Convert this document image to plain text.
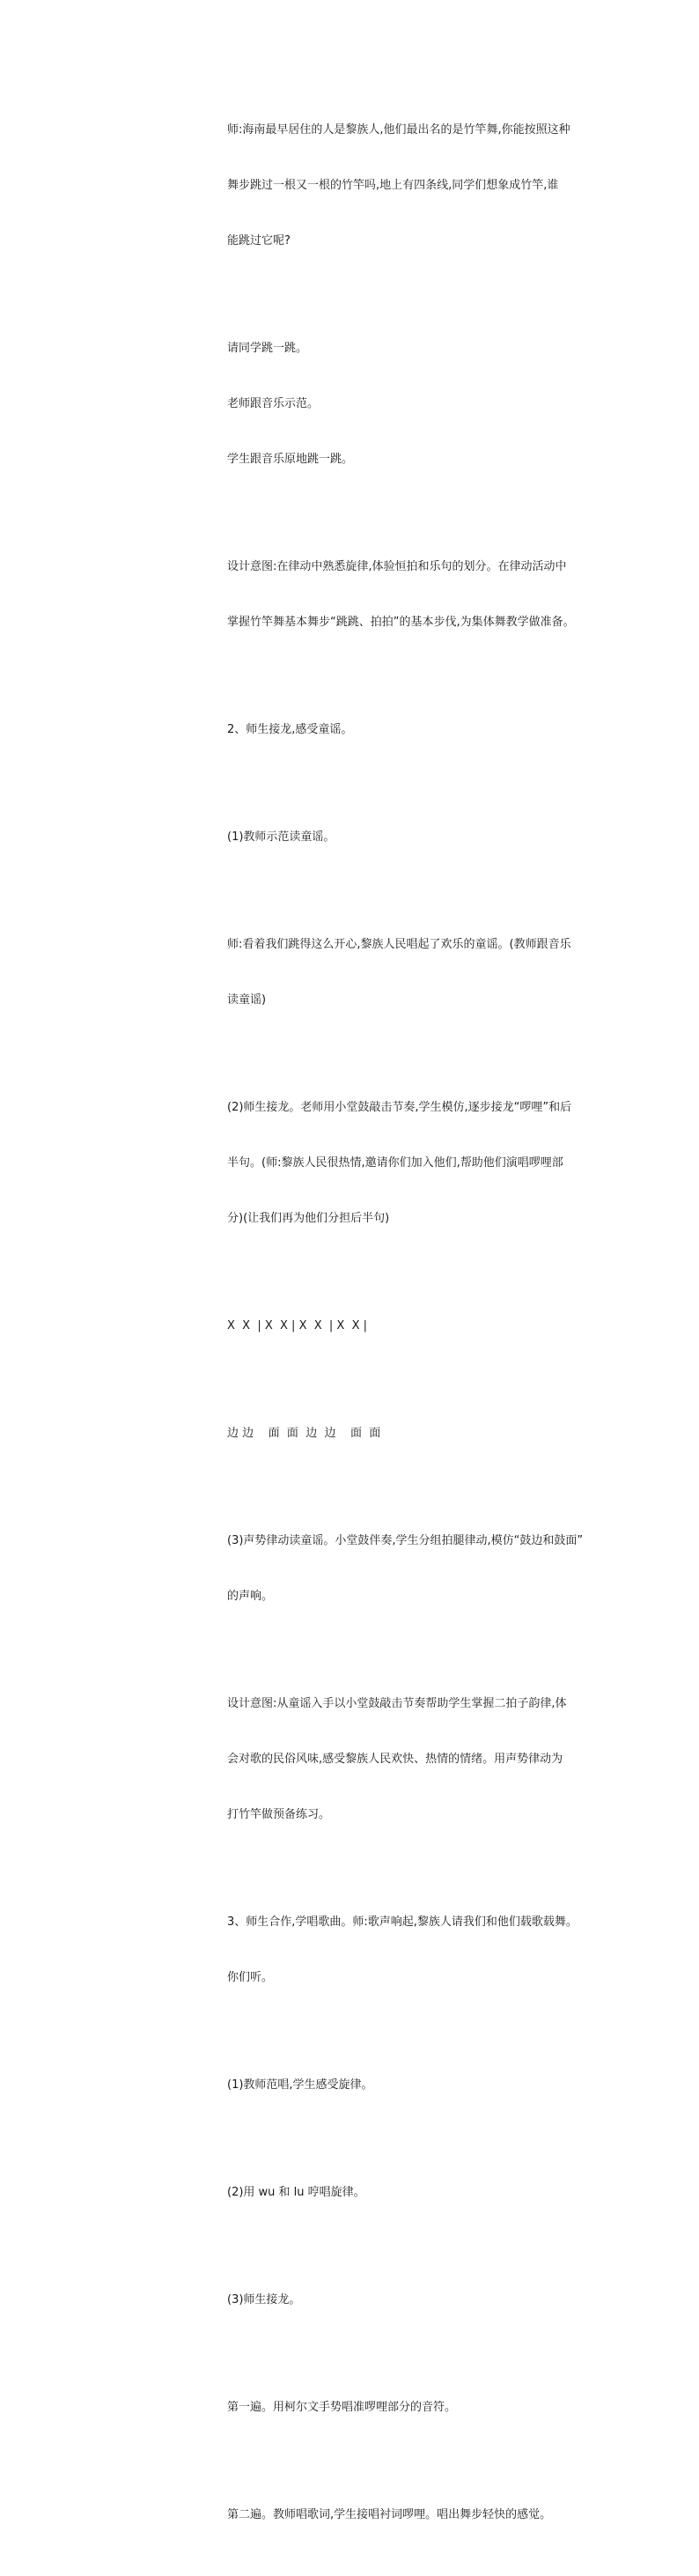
师:海南最早居住的人是黎族人,他们最出名的是竹竿舞,你能按照这种

舞步跳过一根又一根的竹竿吗,地上有四条线,同学们想象成竹竿,谁

能跳过它呢?

请同学跳一跳。

老师跟音乐示范。

学生跟音乐原地跳一跳。

设计意图:在律动中熟悉旋律,体验恒拍和乐句的划分。在律动活动中

掌握竹竿舞基本舞步“跳跳、拍拍”的基本步伐,为集体舞教学做准备。

2、师生接龙,感受童谣。

(1)教师示范读童谣。

师:看着我们跳得这么开心,黎族人民唱起了欢乐的童谣。(教师跟音乐

读童谣)

(2)师生接龙。老师用小堂鼓敲击节奏,学生模仿,逐步接龙“啰哩”和后

半句。(师:黎族人民很热情,邀请你们加入他们,帮助他们演唱啰哩部

分)(让我们再为他们分担后半句)

X  X  | X  X | X  X  | X  X |

边 边    面  面  边  边    面  面

(3)声势律动读童谣。小堂鼓伴奏,学生分组拍腿律动,模仿“鼓边和鼓面”

的声响。

设计意图:从童谣入手以小堂鼓敲击节奏帮助学生掌握二拍子韵律,体

会对歌的民俗风味,感受黎族人民欢快、热情的情绪。用声势律动为

打竹竿做预备练习。

3、师生合作,学唱歌曲。师:歌声响起,黎族人请我们和他们载歌载舞。

你们听。

(1)教师范唱,学生感受旋律。

(2)用 wu 和 lu 哼唱旋律。

(3)师生接龙。

第一遍。用柯尔文手势唱准啰哩部分的音符。

第二遍。教师唱歌词,学生接唱衬词啰哩。唱出舞步轻快的感觉。
